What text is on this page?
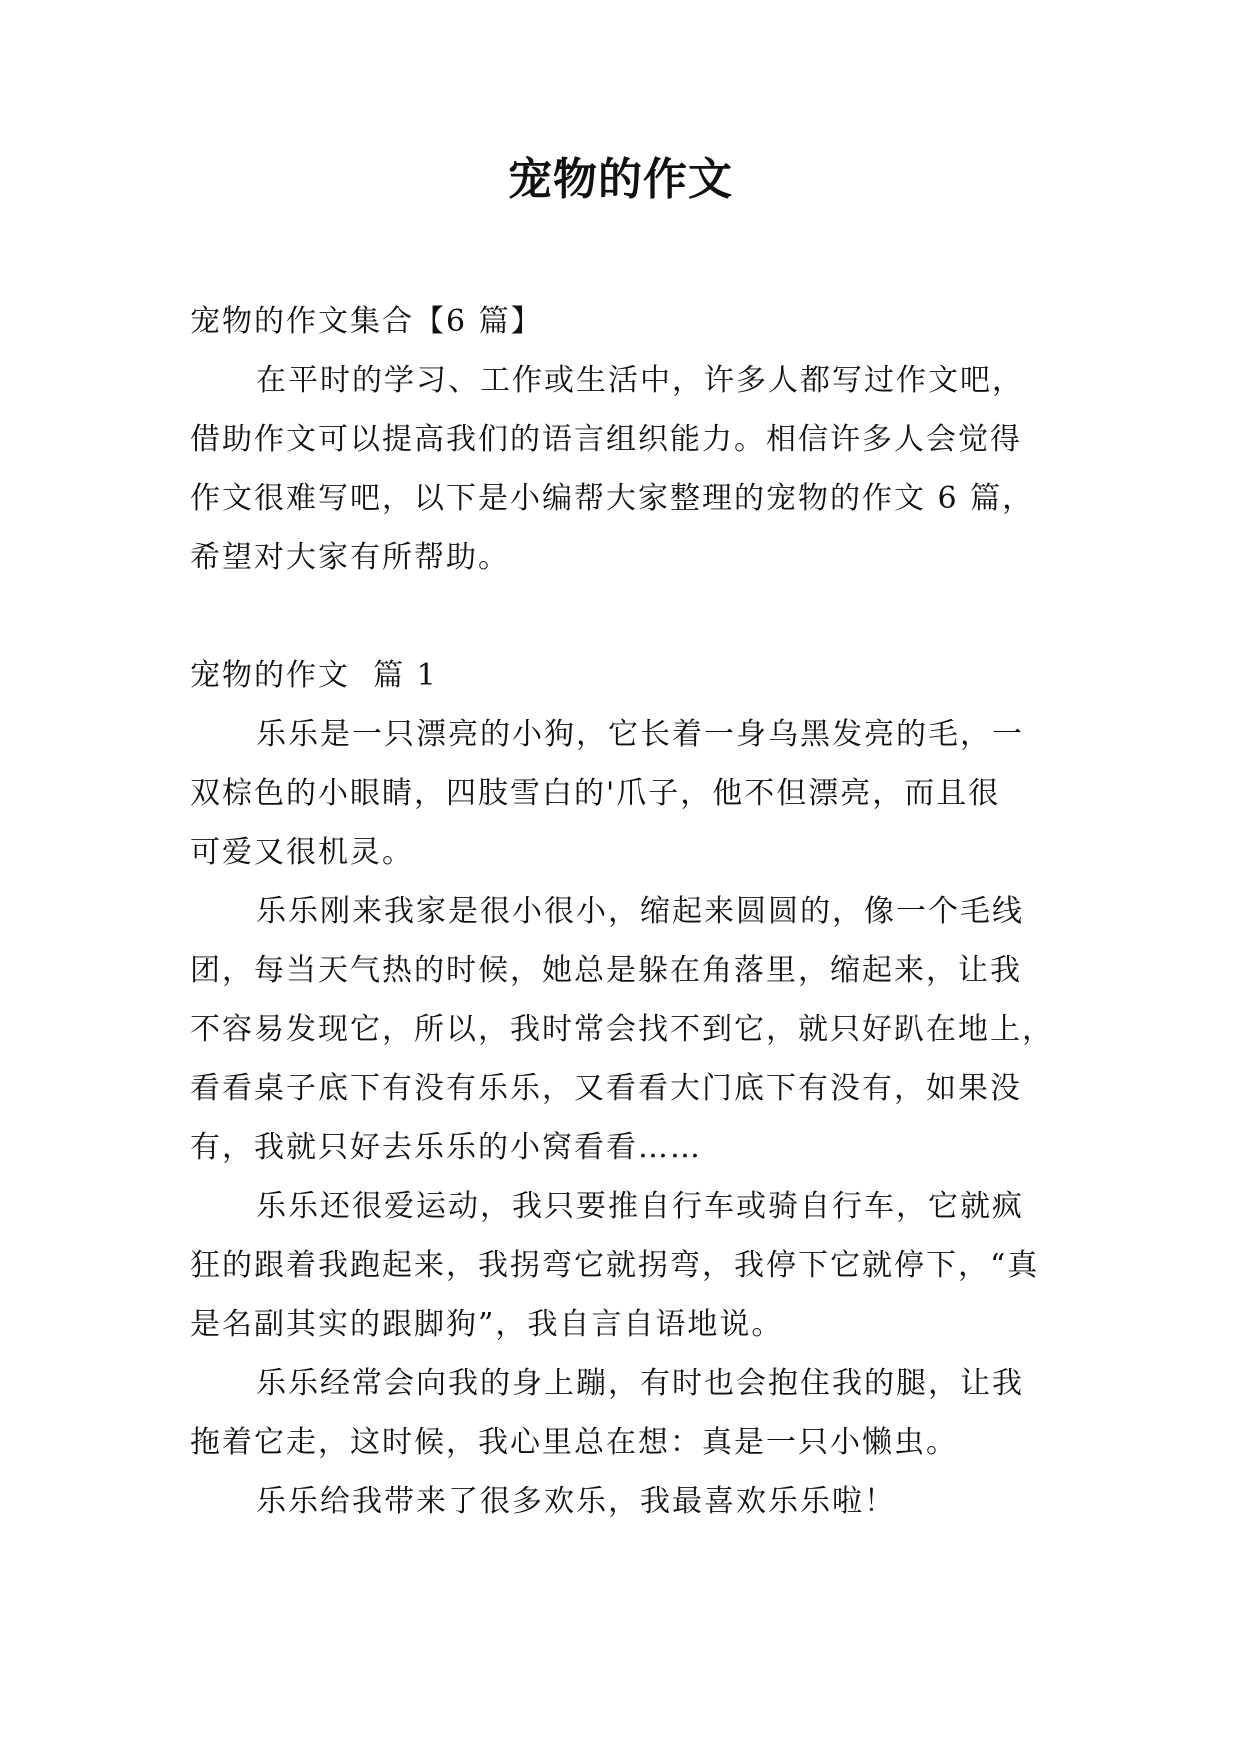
宠物的作文
宠物的作文集合【6 篇】
在平时的学习、工作或生活中，许多人都写过作文吧，
借助作文可以提高我们的语言组织能力。相信许多人会觉得
作文很难写吧，以下是小编帮大家整理的宠物的作文 6 篇，
希望对大家有所帮助。
宠物的作文  篇 1
乐乐是一只漂亮的小狗，它长着一身乌黑发亮的毛，一
双棕色的小眼睛，四肢雪白的'爪子，他不但漂亮，而且很
可爱又很机灵。
乐乐刚来我家是很小很小，缩起来圆圆的，像一个毛线
团，每当天气热的时候，她总是躲在角落里，缩起来，让我
不容易发现它，所以，我时常会找不到它，就只好趴在地上，
看看桌子底下有没有乐乐，又看看大门底下有没有，如果没
有，我就只好去乐乐的小窝看看……
乐乐还很爱运动，我只要推自行车或骑自行车，它就疯
狂的跟着我跑起来，我拐弯它就拐弯，我停下它就停下，“真
是名副其实的跟脚狗”，我自言自语地说。
乐乐经常会向我的身上蹦，有时也会抱住我的腿，让我
拖着它走，这时候，我心里总在想：真是一只小懒虫。
乐乐给我带来了很多欢乐，我最喜欢乐乐啦！
